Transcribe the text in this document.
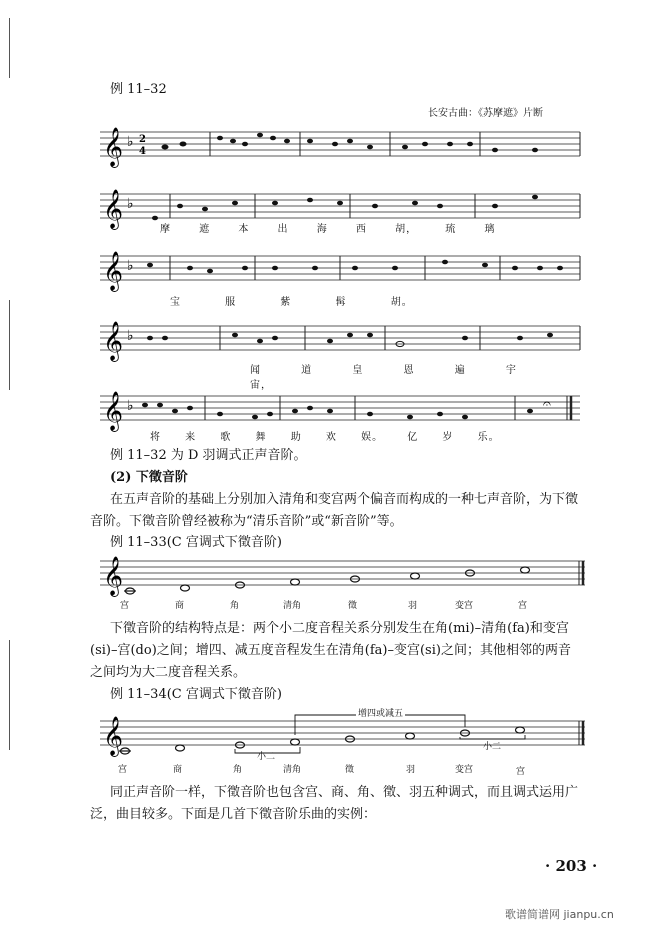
例 11–32
长安古曲：《苏摩遮》片断
𝄞 ♭ 2
4
𝄞 ♭
𝄞 ♭
𝄞 ♭
𝄞 ♭	𝄐
摩 遮 本 出 海 西 胡， 琉 璃
宝 服 紫 髯 胡。
闻 道 皇 恩 遍 宇 宙，
将 来 歌 舞 助 欢 娱。 亿 岁 乐。
例 11–32 为 D 羽调式正声音阶。
(2) 下徵音阶
在五声音阶的基础上分别加入清角和变宫两个偏音而构成的一种七声音阶，为下徵音阶。下徵音阶曾经被称为“清乐音阶”或“新音阶”等。
例 11–33(C 宫调式下徵音阶)
𝄞
宫	商	角	清角	徵	羽	变宫	宫
下徵音阶的结构特点是：两个小二度音程关系分别发生在角(mi)–清角(fa)和变宫(si)–宫(do)之间；增四、减五度音程发生在清角(fa)–变宫(si)之间；其他相邻的两音之间均为大二度音程关系。
例 11–34(C 宫调式下徵音阶)
𝄞
增四或减五
小二
小二
宫	商	角	清角	徵	羽	变宫	宫
同正声音阶一样，下徵音阶也包含宫、商、角、徵、羽五种调式，而且调式运用广泛，曲目较多。下面是几首下徵音阶乐曲的实例：
· 203 ·
歌谱简谱网 jianpu.cn
